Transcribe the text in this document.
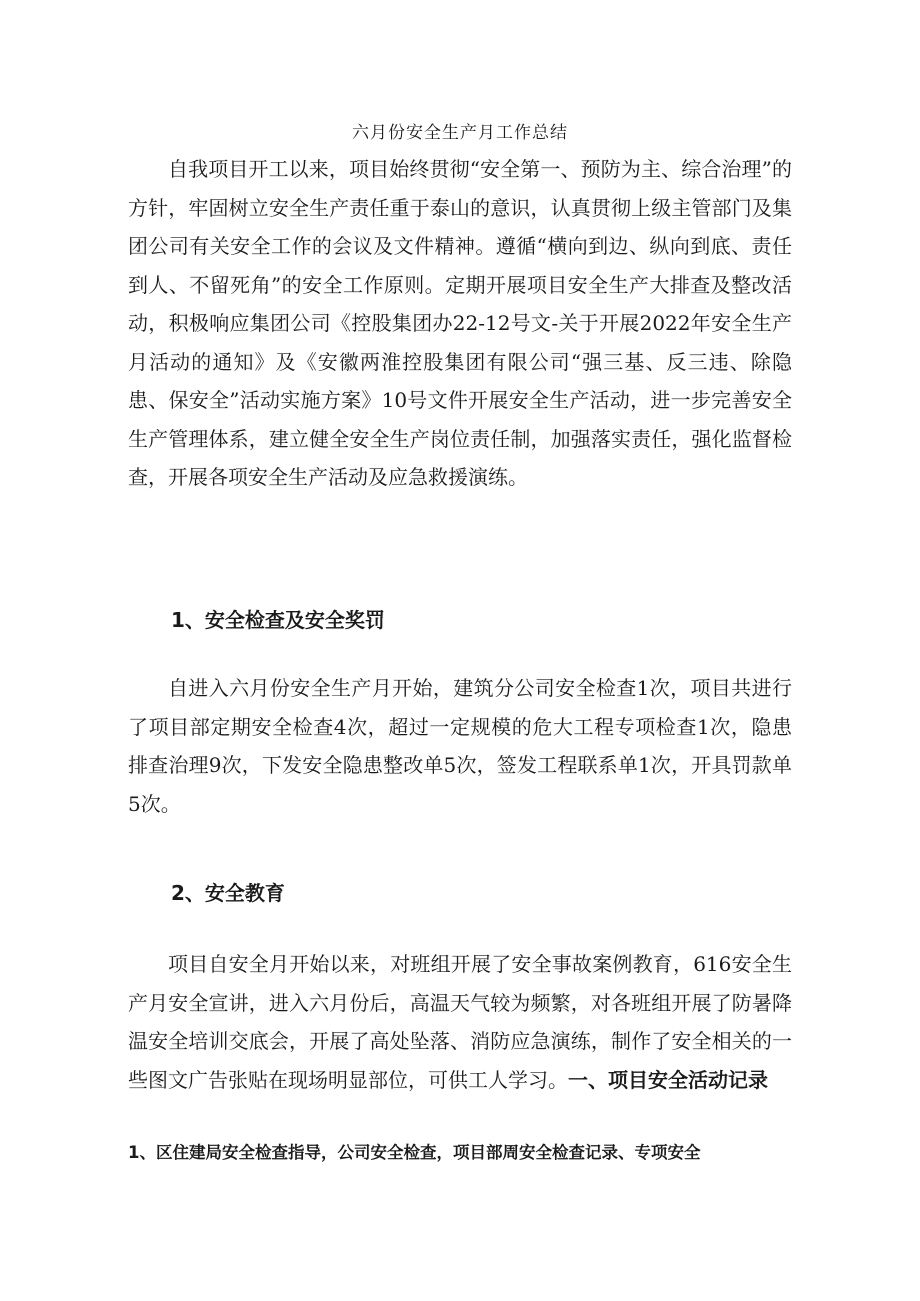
六月份安全生产月工作总结

自我项目开工以来，项目始终贯彻“安全第一、预防为主、综合治理”的方针，牢固树立安全生产责任重于泰山的意识，认真贯彻上级主管部门及集团公司有关安全工作的会议及文件精神。遵循“横向到边、纵向到底、责任到人、不留死角”的安全工作原则。定期开展项目安全生产大排查及整改活动，积极响应集团公司《控股集团办22-12号文-关于开展2022年安全生产月活动的通知》及《安徽两淮控股集团有限公司“强三基、反三违、除隐患、保安全”活动实施方案》10号文件开展安全生产活动，进一步完善安全生产管理体系，建立健全安全生产岗位责任制，加强落实责任，强化监督检查，开展各项安全生产活动及应急救援演练。

1、安全检查及安全奖罚

自进入六月份安全生产月开始，建筑分公司安全检查1次，项目共进行了项目部定期安全检查4次，超过一定规模的危大工程专项检查1次，隐患排查治理9次，下发安全隐患整改单5次，签发工程联系单1次，开具罚款单5次。

2、安全教育

项目自安全月开始以来，对班组开展了安全事故案例教育，616安全生产月安全宣讲，进入六月份后，高温天气较为频繁，对各班组开展了防暑降温安全培训交底会，开展了高处坠落、消防应急演练，制作了安全相关的一些图文广告张贴在现场明显部位，可供工人学习。一、项目安全活动记录

1、区住建局安全检查指导，公司安全检查，项目部周安全检查记录、专项安全
